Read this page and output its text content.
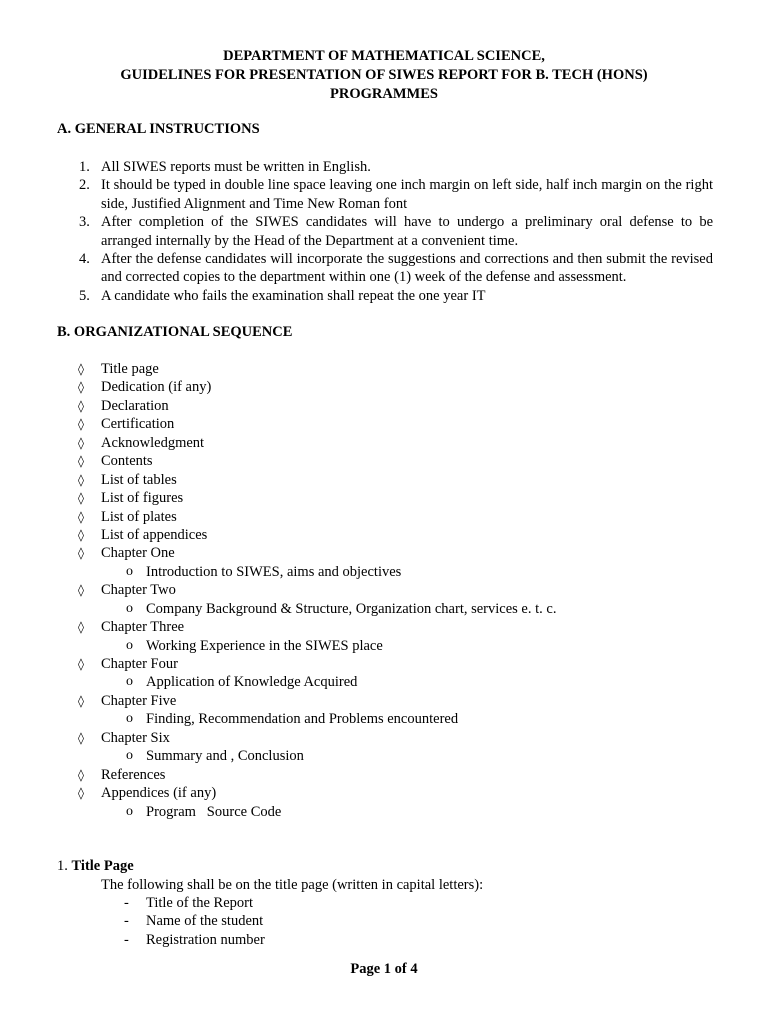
DEPARTMENT OF MATHEMATICAL SCIENCE,
GUIDELINES FOR PRESENTATION OF SIWES REPORT FOR B. TECH (HONS)
PROGRAMMES
A. GENERAL INSTRUCTIONS
1. All SIWES reports must be written in English.
2. It should be typed in double line space leaving one inch margin on left side, half inch margin on the right side, Justified Alignment and Time New Roman font
3. After completion of the SIWES candidates will have to undergo a preliminary oral defense to be arranged internally by the Head of the Department at a convenient time.
4. After the defense candidates will incorporate the suggestions and corrections and then submit the revised and corrected copies to the department within one (1) week of the defense and assessment.
5. A candidate who fails the examination shall repeat the one year IT
B. ORGANIZATIONAL SEQUENCE
◊ Title page
◊ Dedication (if any)
◊ Declaration
◊ Certification
◊ Acknowledgment
◊ Contents
◊ List of tables
◊ List of figures
◊ List of plates
◊ List of appendices
◊ Chapter One
o Introduction to SIWES, aims and objectives
◊ Chapter Two
o Company Background & Structure, Organization chart, services e. t. c.
◊ Chapter Three
o Working Experience in the SIWES place
◊ Chapter Four
o Application of Knowledge Acquired
◊ Chapter Five
o Finding, Recommendation and Problems encountered
◊ Chapter Six
o Summary and , Conclusion
◊ References
◊ Appendices (if any)
o Program   Source Code
1. Title Page
The following shall be on the title page (written in capital letters):
- Title of the Report
- Name of the student
- Registration number
Page 1 of 4
